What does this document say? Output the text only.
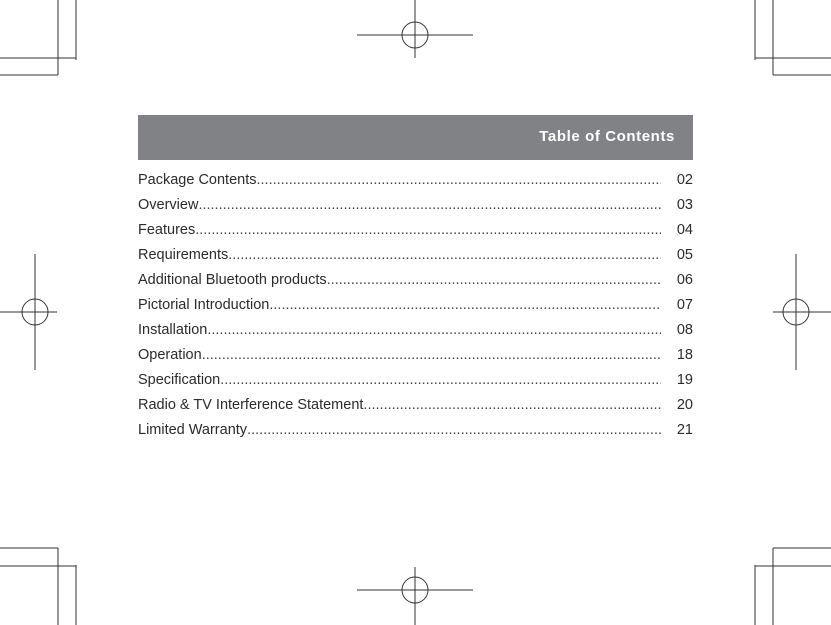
Table of Contents
Package Contents .....	02
Overview .....	03
Features .....	04
Requirements .....	05
Additional Bluetooth products .....	06
Pictorial Introduction .....	07
Installation .....	08
Operation .....	18
Specification .....	19
Radio & TV Interference Statement .....	20
Limited Warranty .....	21
